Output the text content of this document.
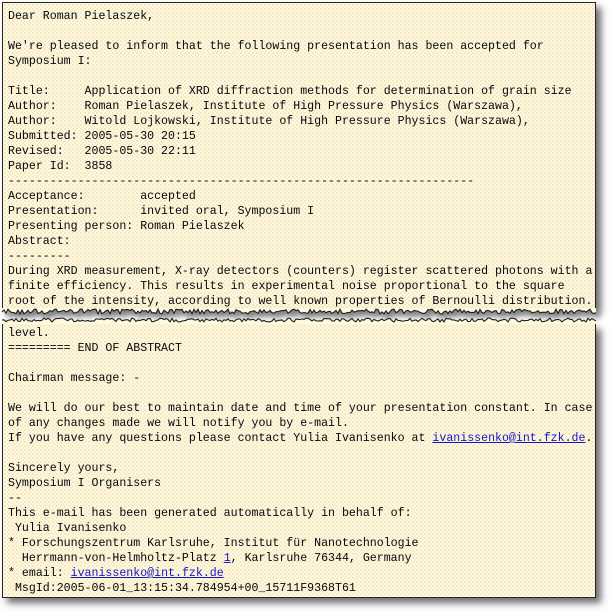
Dear Roman Pielaszek,
We're pleased to inform that the following presentation has been accepted for
Symposium I:
Title:     Application of XRD diffraction methods for determination of grain size
Author:    Roman Pielaszek, Institute of High Pressure Physics (Warszawa),
Author:    Witold Lojkowski, Institute of High Pressure Physics (Warszawa),
Submitted: 2005-05-30 20:15
Revised:   2005-05-30 22:11
Paper Id:  3858
-------------------------------------------------------------------
Acceptance:        accepted
Presentation:      invited oral, Symposium I
Presenting person: Roman Pielaszek
Abstract:
---------
During XRD measurement, X-ray detectors (counters) register scattered photons with a
finite efficiency. This results in experimental noise proportional to the square
root of the intensity, according to well known properties of Bernoulli distribution.
level.
========= END OF ABSTRACT
Chairman message: -
We will do our best to maintain date and time of your presentation constant. In case
of any changes made we will notify you by e-mail.
If you have any questions please contact Yulia Ivanisenko at ivanissenko@int.fzk.de.
Sincerely yours,
Symposium I Organisers
--
This e-mail has been generated automatically in behalf of:
Yulia Ivanisenko
* Forschungszentrum Karlsruhe, Institut für Nanotechnologie
Herrmann-von-Helmholtz-Platz 1, Karlsruhe 76344, Germany
* email: ivanissenko@int.fzk.de
MsgId:2005-06-01_13:15:34.784954+00_15711F9368T61
